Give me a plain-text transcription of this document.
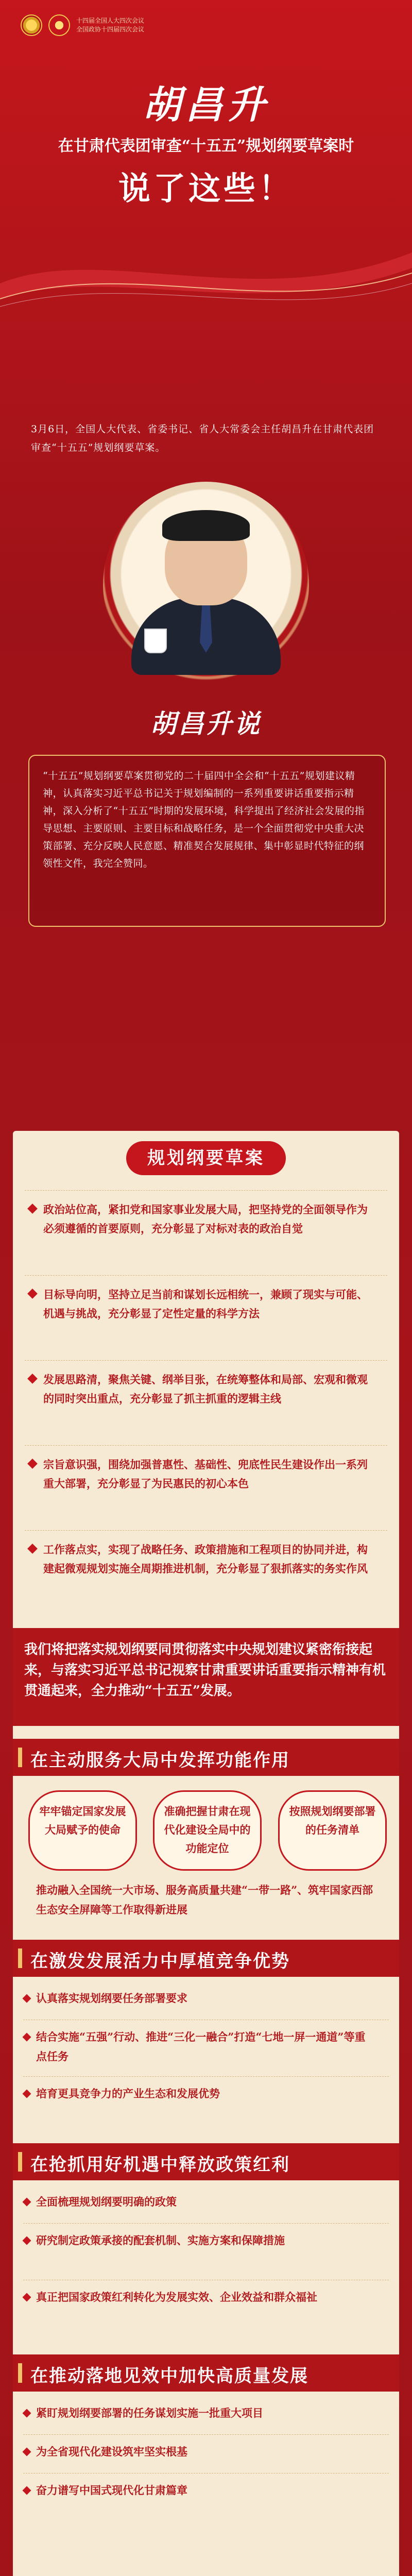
十四届全国人大四次会议
全国政协十四届四次会议
胡昌升
在甘肃代表团审查“十五五”规划纲要草案时
说了这些！
3月6日，全国人大代表、省委书记、省人大常委会主任胡昌升在甘肃代表团审查“十五五”规划纲要草案。
胡昌升说
“十五五”规划纲要草案贯彻党的二十届四中全会和“十五五”规划建议精神，认真落实习近平总书记关于规划编制的一系列重要讲话重要指示精神，深入分析了“十五五”时期的发展环境，科学提出了经济社会发展的指导思想、主要原则、主要目标和战略任务，是一个全面贯彻党中央重大决策部署、充分反映人民意愿、精准契合发展规律、集中彰显时代特征的纲领性文件，我完全赞同。
规划纲要草案
政治站位高，紧扣党和国家事业发展大局，把坚持党的全面领导作为必须遵循的首要原则，充分彰显了对标对表的政治自觉
目标导向明，坚持立足当前和谋划长远相统一，兼顾了现实与可能、机遇与挑战，充分彰显了定性定量的科学方法
发展思路清，聚焦关键、纲举目张，在统筹整体和局部、宏观和微观的同时突出重点，充分彰显了抓主抓重的逻辑主线
宗旨意识强，围绕加强普惠性、基础性、兜底性民生建设作出一系列重大部署，充分彰显了为民惠民的初心本色
工作落点实，实现了战略任务、政策措施和工程项目的协同并进，构建起微观规划实施全周期推进机制，充分彰显了狠抓落实的务实作风
我们将把落实规划纲要同贯彻落实中央规划建议紧密衔接起来，与落实习近平总书记视察甘肃重要讲话重要指示精神有机贯通起来，全力推动“十五五”发展。
在主动服务大局中发挥功能作用
牢牢锚定国家发展大局赋予的使命
准确把握甘肃在现代化建设全局中的功能定位
按照规划纲要部署的任务清单
推动融入全国统一大市场、服务高质量共建“一带一路”、筑牢国家西部生态安全屏障等工作取得新进展
在激发发展活力中厚植竞争优势
认真落实规划纲要任务部署要求
结合实施“五强”行动、推进“三化一融合”打造“七地一屏一通道”等重点任务
培育更具竞争力的产业生态和发展优势
在抢抓用好机遇中释放政策红利
全面梳理规划纲要明确的政策
研究制定政策承接的配套机制、实施方案和保障措施
真正把国家政策红利转化为发展实效、企业效益和群众福祉
在推动落地见效中加快高质量发展
紧盯规划纲要部署的任务谋划实施一批重大项目
为全省现代化建设筑牢坚实根基
奋力谱写中国式现代化甘肃篇章
